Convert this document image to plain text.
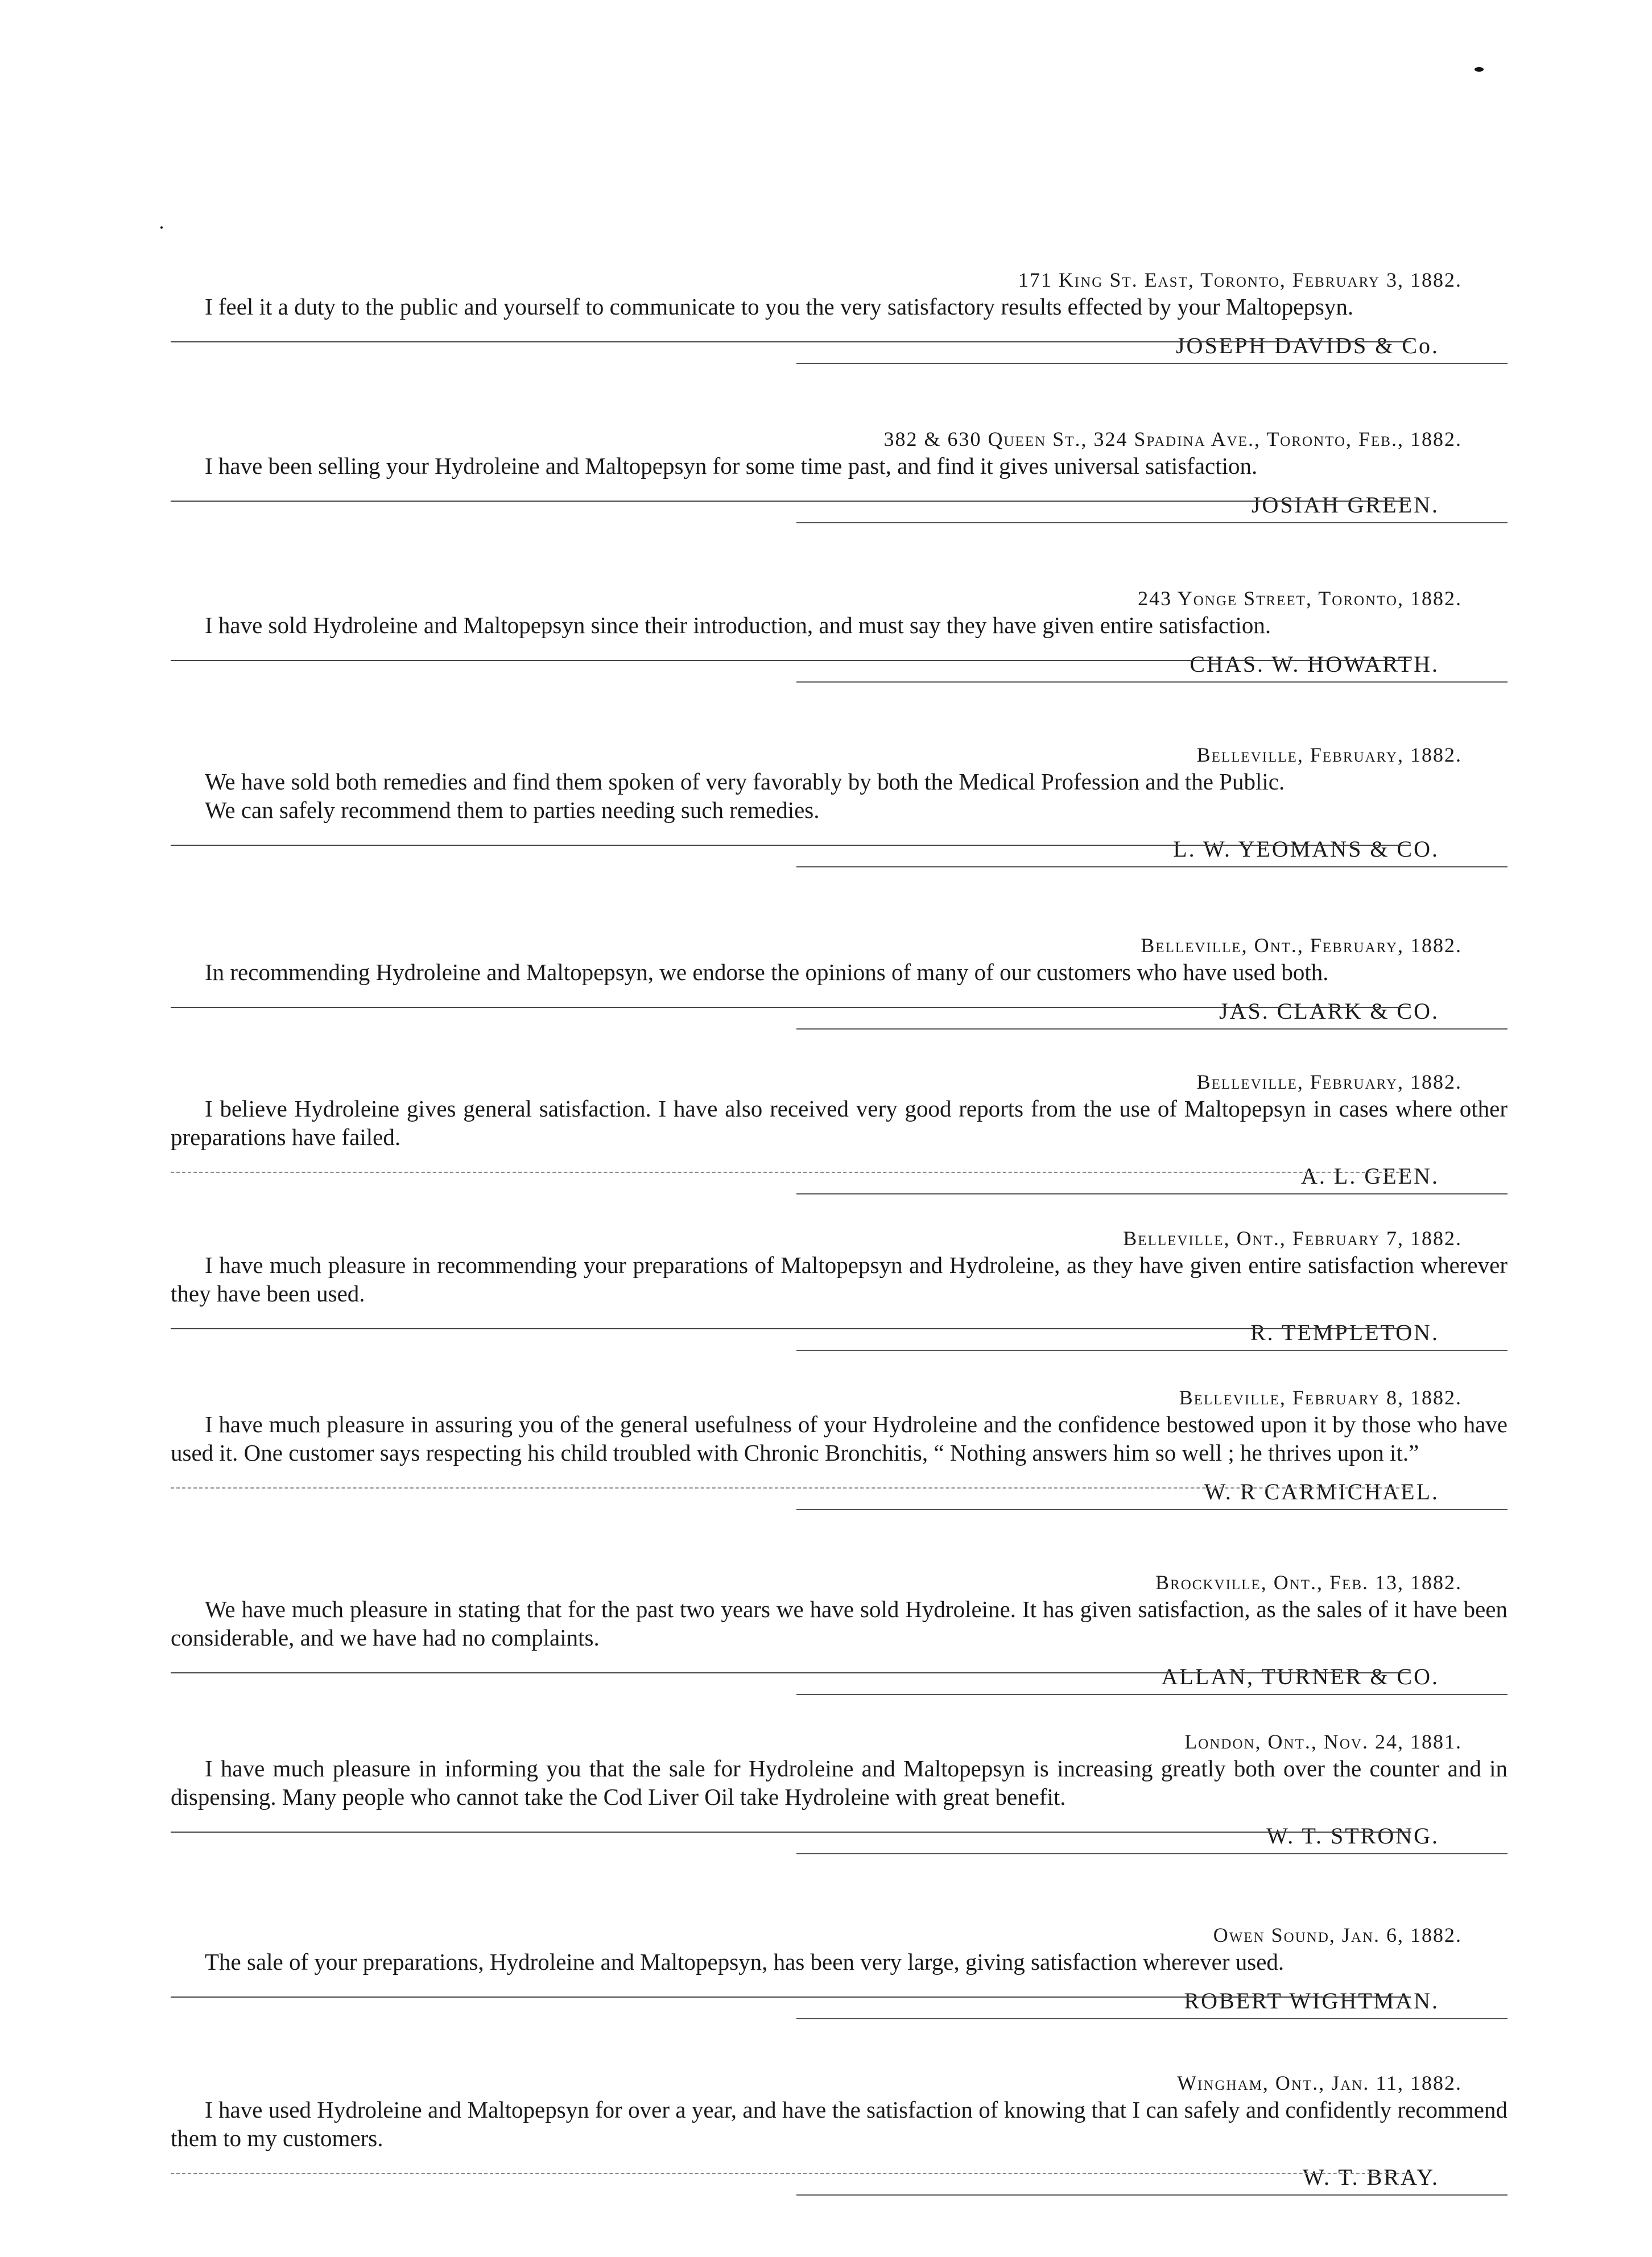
171 King St. East, Toronto, February 3, 1882.

I feel it a duty to the public and yourself to communicate to you the very satisfactory results effected by your Maltopepsyn.

JOSEPH DAVIDS & Co.
382 & 630 Queen St., 324 Spadina Ave., Toronto, Feb., 1882.

I have been selling your Hydroleine and Maltopepsyn for some time past, and find it gives universal satisfaction.

JOSIAH GREEN.
243 Yonge Street, Toronto, 1882.

I have sold Hydroleine and Maltopepsyn since their introduction, and must say they have given entire satisfaction.

CHAS. W. HOWARTH.
Belleville, February, 1882.

We have sold both remedies and find them spoken of very favorably by both the Medical Profession and the Public.

We can safely recommend them to parties needing such remedies.

L. W. YEOMANS & CO.
Belleville, Ont., February, 1882.

In recommending Hydroleine and Maltopepsyn, we endorse the opinions of many of our customers who have used both.

JAS. CLARK & CO.
Belleville, February, 1882.

I believe Hydroleine gives general satisfaction. I have also received very good reports from the use of Maltopepsyn in cases where other preparations have failed.

A. L. GEEN.
Belleville, Ont., February 7, 1882.

I have much pleasure in recommending your preparations of Maltopepsyn and Hydroleine, as they have given entire satisfaction wherever they have been used.

R. TEMPLETON.
Belleville, February 8, 1882.

I have much pleasure in assuring you of the general usefulness of your Hydroleine and the confidence bestowed upon it by those who have used it. One customer says respecting his child troubled with Chronic Bronchitis, “ Nothing answers him so well ; he thrives upon it.”

W. R CARMICHAEL.
Brockville, Ont., Feb. 13, 1882.

We have much pleasure in stating that for the past two years we have sold Hydroleine. It has given satisfaction, as the sales of it have been considerable, and we have had no complaints.

ALLAN, TURNER & CO.
London, Ont., Nov. 24, 1881.

I have much pleasure in informing you that the sale for Hydroleine and Maltopepsyn is increasing greatly both over the counter and in dispensing. Many people who cannot take the Cod Liver Oil take Hydroleine with great benefit.

W. T. STRONG.
Owen Sound, Jan. 6, 1882.

The sale of your preparations, Hydroleine and Maltopepsyn, has been very large, giving satisfaction wherever used.

ROBERT WIGHTMAN.
Wingham, Ont., Jan. 11, 1882.

I have used Hydroleine and Maltopepsyn for over a year, and have the satisfaction of knowing that I can safely and confidently recommend them to my customers.

W. T. BRAY.
